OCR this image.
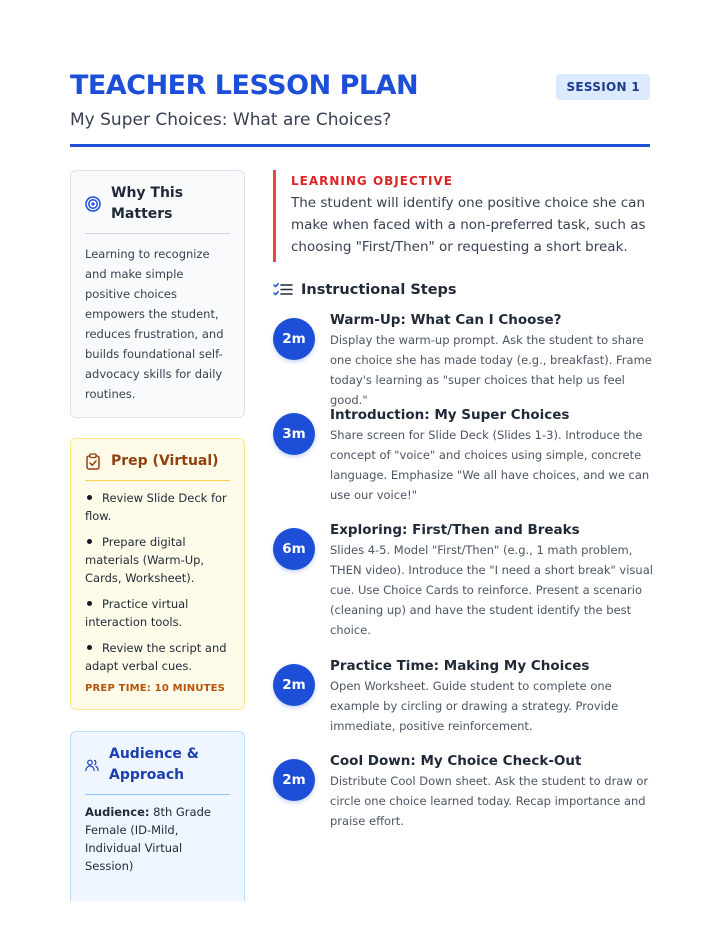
TEACHER LESSON PLAN
My Super Choices: What are Choices?
SESSION 1
Why This Matters
Learning to recognize and make simple positive choices empowers the student, reduces frustration, and builds foundational self-advocacy skills for daily routines.
Prep (Virtual)
Review Slide Deck for flow.
Prepare digital materials (Warm-Up, Cards, Worksheet).
Practice virtual interaction tools.
Review the script and adapt verbal cues.
PREP TIME: 10 MINUTES
Audience & Approach
Audience: 8th Grade Female (ID-Mild, Individual Virtual Session)
LEARNING OBJECTIVE
The student will identify one positive choice she can make when faced with a non-preferred task, such as choosing "First/Then" or requesting a short break.
Instructional Steps
2m
Warm-Up: What Can I Choose?
Display the warm-up prompt. Ask the student to share one choice she has made today (e.g., breakfast). Frame today's learning as "super choices that help us feel good."
3m
Introduction: My Super Choices
Share screen for Slide Deck (Slides 1-3). Introduce the concept of "voice" and choices using simple, concrete language. Emphasize "We all have choices, and we can use our voice!"
6m
Exploring: First/Then and Breaks
Slides 4-5. Model "First/Then" (e.g., 1 math problem, THEN video). Introduce the "I need a short break" visual cue. Use Choice Cards to reinforce. Present a scenario (cleaning up) and have the student identify the best choice.
2m
Practice Time: Making My Choices
Open Worksheet. Guide student to complete one example by circling or drawing a strategy. Provide immediate, positive reinforcement.
2m
Cool Down: My Choice Check-Out
Distribute Cool Down sheet. Ask the student to draw or circle one choice learned today. Recap importance and praise effort.
